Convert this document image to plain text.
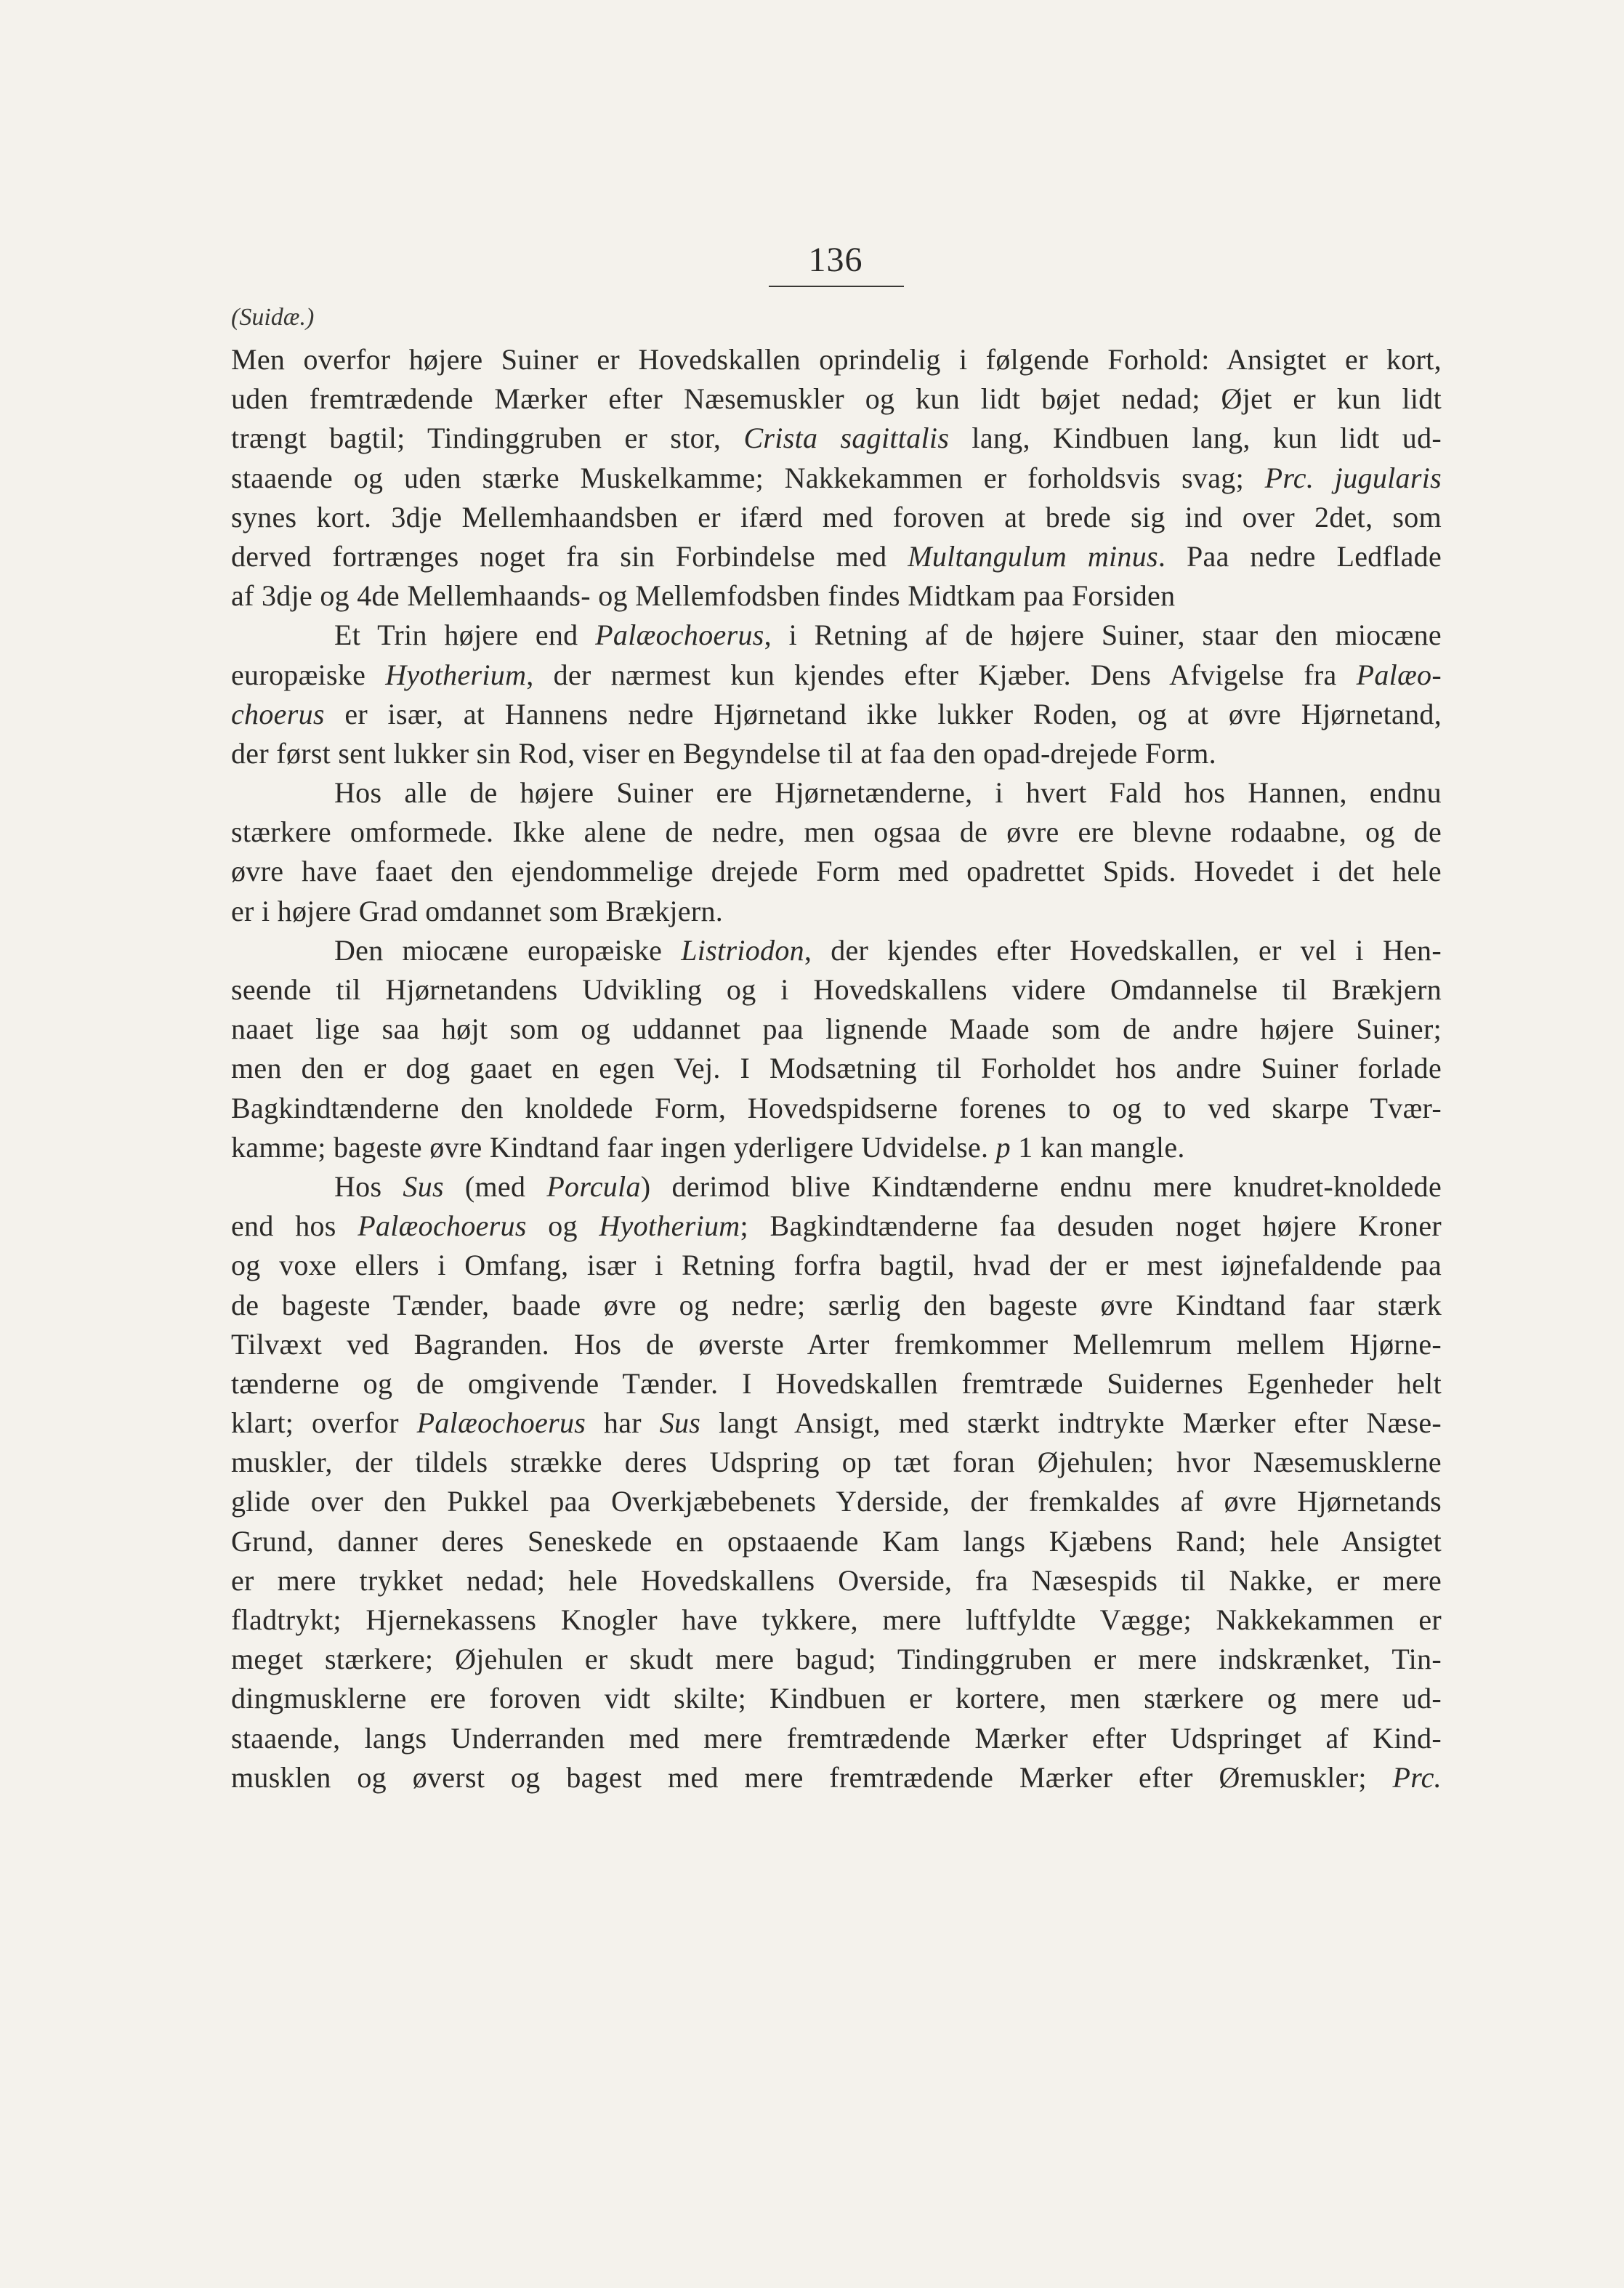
136
(Suidæ.)
Men overfor højere Suiner er Hovedskallen oprindelig i følgende Forhold: Ansigtet er kort,
uden fremtrædende Mærker efter Næsemuskler og kun lidt bøjet nedad; Øjet er kun lidt
trængt bagtil; Tindinggruben er stor, Crista sagittalis lang, Kindbuen lang, kun lidt ud-
staaende og uden stærke Muskelkamme; Nakkekammen er forholdsvis svag; Prc. jugularis
synes kort. 3dje Mellemhaandsben er ifærd med foroven at brede sig ind over 2det, som
derved fortrænges noget fra sin Forbindelse med Multangulum minus. Paa nedre Ledflade
af 3dje og 4de Mellemhaands- og Mellemfodsben findes Midtkam paa Forsiden
Et Trin højere end Palæochoerus, i Retning af de højere Suiner, staar den miocæne
europæiske Hyotherium, der nærmest kun kjendes efter Kjæber. Dens Afvigelse fra Palæo-
choerus er især, at Hannens nedre Hjørnetand ikke lukker Roden, og at øvre Hjørnetand,
der først sent lukker sin Rod, viser en Begyndelse til at faa den opad-drejede Form.
Hos alle de højere Suiner ere Hjørnetænderne, i hvert Fald hos Hannen, endnu
stærkere omformede. Ikke alene de nedre, men ogsaa de øvre ere blevne rodaabne, og de
øvre have faaet den ejendommelige drejede Form med opadrettet Spids. Hovedet i det hele
er i højere Grad omdannet som Brækjern.
Den miocæne europæiske Listriodon, der kjendes efter Hovedskallen, er vel i Hen-
seende til Hjørnetandens Udvikling og i Hovedskallens videre Omdannelse til Brækjern
naaet lige saa højt som og uddannet paa lignende Maade som de andre højere Suiner;
men den er dog gaaet en egen Vej. I Modsætning til Forholdet hos andre Suiner forlade
Bagkindtænderne den knoldede Form, Hovedspidserne forenes to og to ved skarpe Tvær-
kamme; bageste øvre Kindtand faar ingen yderligere Udvidelse. p 1 kan mangle.
Hos Sus (med Porcula) derimod blive Kindtænderne endnu mere knudret-knoldede
end hos Palæochoerus og Hyotherium; Bagkindtænderne faa desuden noget højere Kroner
og voxe ellers i Omfang, især i Retning forfra bagtil, hvad der er mest iøjnefaldende paa
de bageste Tænder, baade øvre og nedre; særlig den bageste øvre Kindtand faar stærk
Tilvæxt ved Bagranden. Hos de øverste Arter fremkommer Mellemrum mellem Hjørne-
tænderne og de omgivende Tænder. I Hovedskallen fremtræde Suidernes Egenheder helt
klart; overfor Palæochoerus har Sus langt Ansigt, med stærkt indtrykte Mærker efter Næse-
muskler, der tildels strække deres Udspring op tæt foran Øjehulen; hvor Næsemusklerne
glide over den Pukkel paa Overkjæbebenets Yderside, der fremkaldes af øvre Hjørnetands
Grund, danner deres Seneskede en opstaaende Kam langs Kjæbens Rand; hele Ansigtet
er mere trykket nedad; hele Hovedskallens Overside, fra Næsespids til Nakke, er mere
fladtrykt; Hjernekassens Knogler have tykkere, mere luftfyldte Vægge; Nakkekammen er
meget stærkere; Øjehulen er skudt mere bagud; Tindinggruben er mere indskrænket, Tin-
dingmusklerne ere foroven vidt skilte; Kindbuen er kortere, men stærkere og mere ud-
staaende, langs Underranden med mere fremtrædende Mærker efter Udspringet af Kind-
musklen og øverst og bagest med mere fremtrædende Mærker efter Øremuskler; Prc.
